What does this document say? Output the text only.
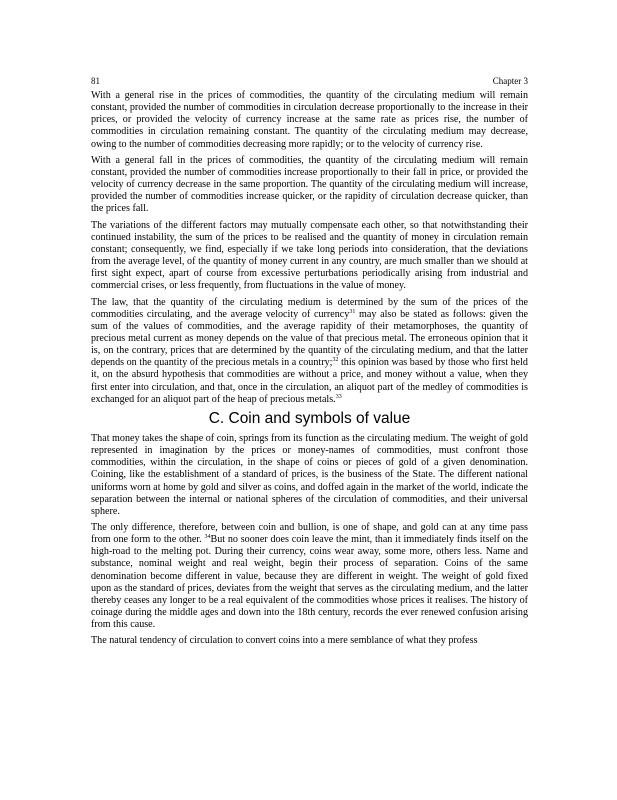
81	Chapter 3

With a general rise in the prices of commodities, the quantity of the circulating medium will remain constant, provided the number of commodities in circulation decrease proportionally to the increase in their prices, or provided the velocity of currency increase at the same rate as prices rise, the number of commodities in circulation remaining constant. The quantity of the circulating medium may decrease, owing to the number of commodities decreasing more rapidly; or to the velocity of currency rise.

With a general fall in the prices of commodities, the quantity of the circulating medium will remain constant, provided the number of commodities increase proportionally to their fall in price, or provided the velocity of currency decrease in the same proportion. The quantity of the circulating medium will increase, provided the number of commodities increase quicker, or the rapidity of circulation decrease quicker, than the prices fall.

The variations of the different factors may mutually compensate each other, so that notwithstanding their continued instability, the sum of the prices to be realised and the quantity of money in circulation remain constant; consequently, we find, especially if we take long periods into consideration, that the deviations from the average level, of the quantity of money current in any country, are much smaller than we should at first sight expect, apart of course from excessive perturbations periodically arising from industrial and commercial crises, or less frequently, from fluctuations in the value of money.

The law, that the quantity of the circulating medium is determined by the sum of the prices of the commodities circulating, and the average velocity of currency$^{31}$ may also be stated as follows: given the sum of the values of commodities, and the average rapidity of their metamorphoses, the quantity of precious metal current as money depends on the value of that precious metal. The erroneous opinion that it is, on the contrary, prices that are determined by the quantity of the circulating medium, and that the latter depends on the quantity of the precious metals in a country;$^{32}$ this opinion was based by those who first held it, on the absurd hypothesis that commodities are without a price, and money without a value, when they first enter into circulation, and that, once in the circulation, an aliquot part of the medley of commodities is exchanged for an aliquot part of the heap of precious metals.$^{33}$

C. Coin and symbols of value

That money takes the shape of coin, springs from its function as the circulating medium. The weight of gold represented in imagination by the prices or money-names of commodities, must confront those commodities, within the circulation, in the shape of coins or pieces of gold of a given denomination. Coining, like the establishment of a standard of prices, is the business of the State. The different national uniforms worn at home by gold and silver as coins, and doffed again in the market of the world, indicate the separation between the internal or national spheres of the circulation of commodities, and their universal sphere.

The only difference, therefore, between coin and bullion, is one of shape, and gold can at any time pass from one form to the other. $^{34}$But no sooner does coin leave the mint, than it immediately finds itself on the high-road to the melting pot. During their currency, coins wear away, some more, others less. Name and substance, nominal weight and real weight, begin their process of separation. Coins of the same denomination become different in value, because they are different in weight. The weight of gold fixed upon as the standard of prices, deviates from the weight that serves as the circulating medium, and the latter thereby ceases any longer to be a real equivalent of the commodities whose prices it realises. The history of coinage during the middle ages and down into the 18th century, records the ever renewed confusion arising from this cause.

The natural tendency of circulation to convert coins into a mere semblance of what they profess
